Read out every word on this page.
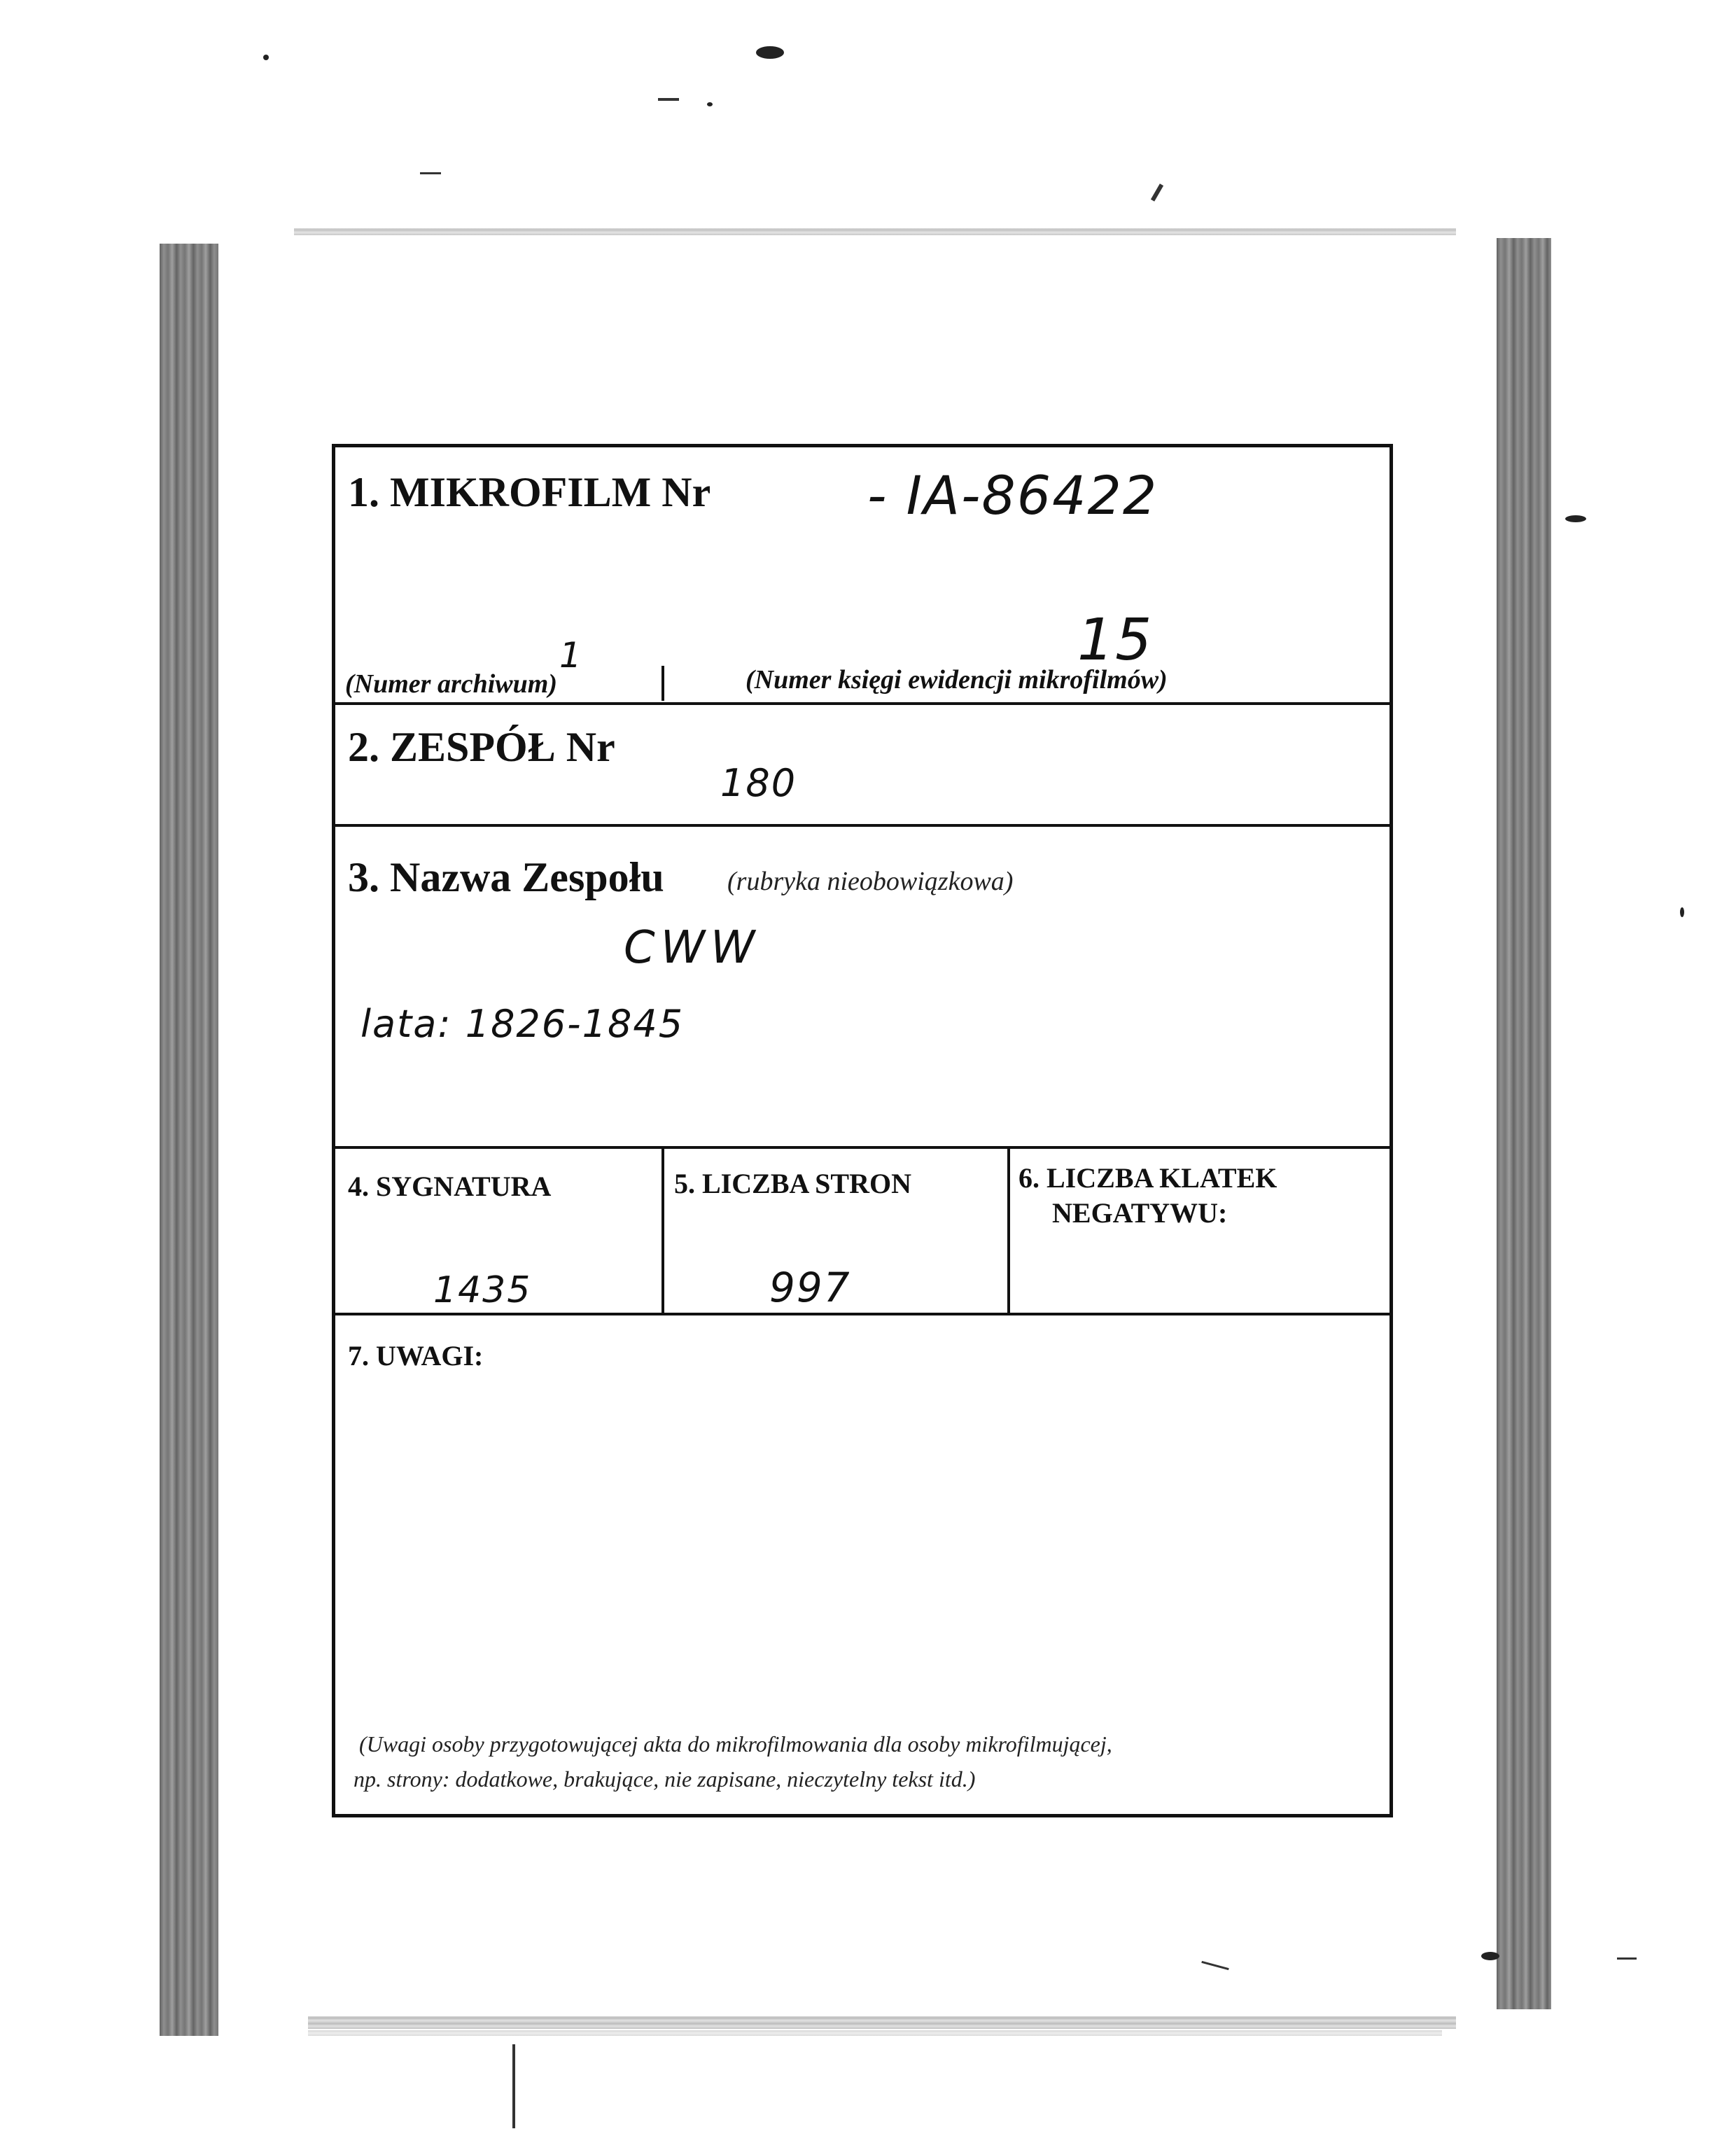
1. MIKROFILM Nr	- IA-86422
1
(Numer archiwum)
15
(Numer księgi ewidencji mikrofilmów)
2. ZESPÓŁ Nr
180
3. Nazwa Zespołu (rubryka nieobowiązkowa)
CWW
lata: 1826-1845
4. SYGNATURA
1435
5. LICZBA STRON
997
6. LICZBA KLATEK
NEGATYWU:
7. UWAGI:
(Uwagi osoby przygotowującej akta do mikrofilmowania dla osoby mikrofilmującej,
np. strony: dodatkowe, brakujące, nie zapisane, nieczytelny tekst itd.)
